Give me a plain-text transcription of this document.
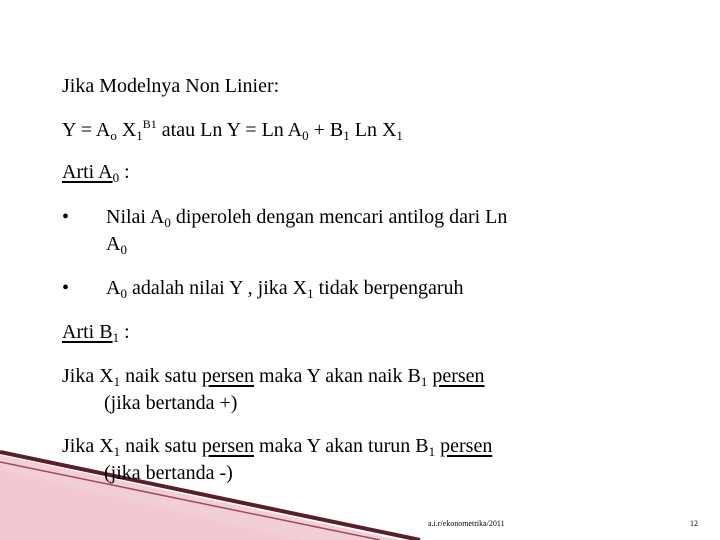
Jika Modelnya Non Linier:
$Y = A_o$ $X_1^{B1}$ atau Ln Y = Ln $A_0 + B_1$ Ln $X_1$
Arti $A_0$ :
• Nilai $A_0$ diperoleh dengan mencari antilog dari Ln
$A_0$
• $A_0$ adalah nilai Y , jika $X_1$ tidak berpengaruh
Arti $B_1$ :
Jika $X_1$ naik satu persen maka Y akan naik $B_1$ persen
(jika bertanda +)
Jika $X_1$ naik satu persen maka Y akan turun $B_1$ persen
(jika bertanda -)
a.i.r/ekonometrika/2011	12
